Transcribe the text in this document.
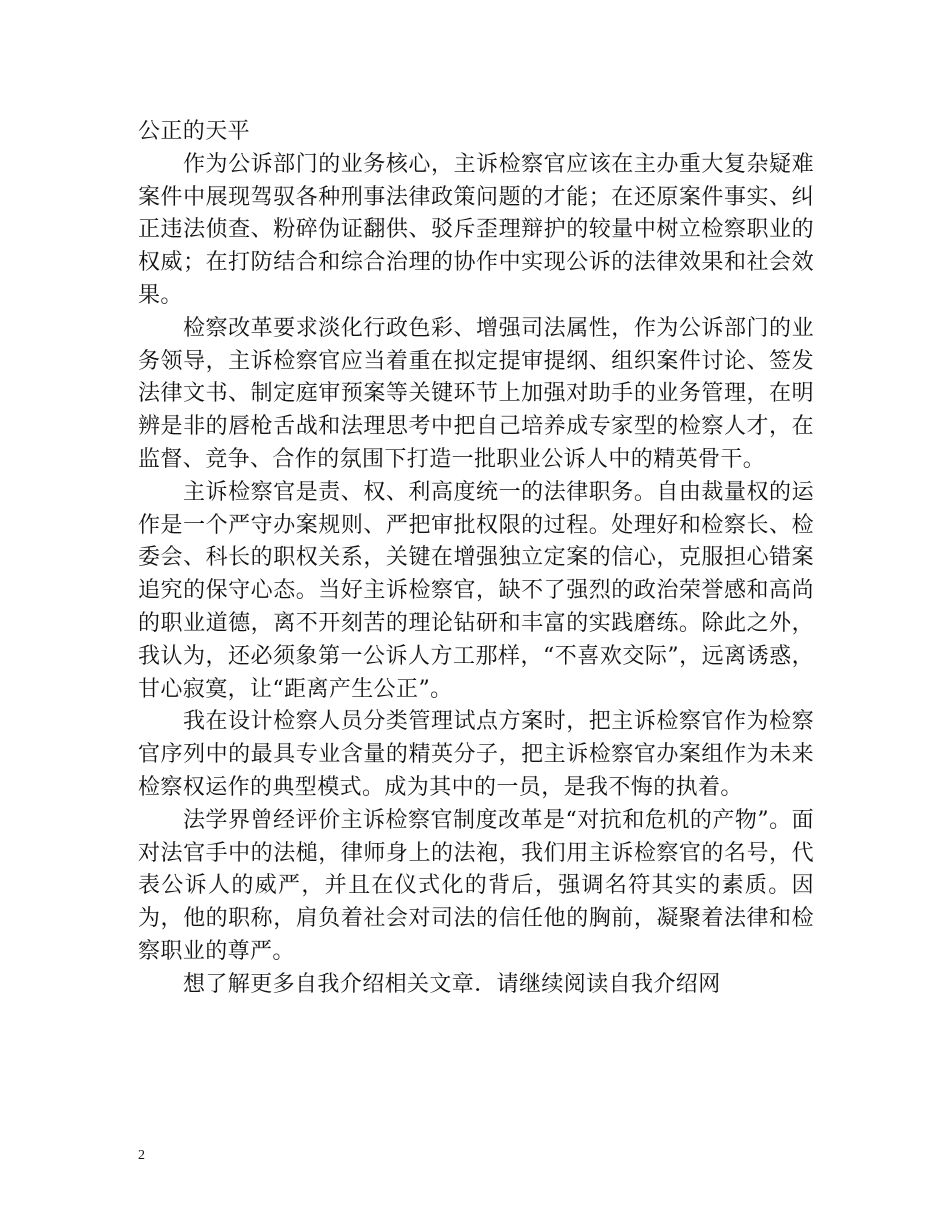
公正的天平

作为公诉部门的业务核心，主诉检察官应该在主办重大复杂疑难案件中展现驾驭各种刑事法律政策问题的才能；在还原案件事实、纠正违法侦查、粉碎伪证翻供、驳斥歪理辩护的较量中树立检察职业的权威；在打防结合和综合治理的协作中实现公诉的法律效果和社会效果。

检察改革要求淡化行政色彩、增强司法属性，作为公诉部门的业务领导，主诉检察官应当着重在拟定提审提纲、组织案件讨论、签发法律文书、制定庭审预案等关键环节上加强对助手的业务管理，在明辨是非的唇枪舌战和法理思考中把自己培养成专家型的检察人才，在监督、竞争、合作的氛围下打造一批职业公诉人中的精英骨干。

主诉检察官是责、权、利高度统一的法律职务。自由裁量权的运作是一个严守办案规则、严把审批权限的过程。处理好和检察长、检委会、科长的职权关系，关键在增强独立定案的信心，克服担心错案追究的保守心态。当好主诉检察官，缺不了强烈的政治荣誉感和高尚的职业道德，离不开刻苦的理论钻研和丰富的实践磨练。除此之外，我认为，还必须象第一公诉人方工那样，“不喜欢交际”，远离诱惑，甘心寂寞，让“距离产生公正”。

我在设计检察人员分类管理试点方案时，把主诉检察官作为检察官序列中的最具专业含量的精英分子，把主诉检察官办案组作为未来检察权运作的典型模式。成为其中的一员，是我不悔的执着。

法学界曾经评价主诉检察官制度改革是“对抗和危机的产物”。面对法官手中的法槌，律师身上的法袍，我们用主诉检察官的名号，代表公诉人的威严，并且在仪式化的背后，强调名符其实的素质。因为，他的职称，肩负着社会对司法的信任他的胸前，凝聚着法律和检察职业的尊严。

想了解更多自我介绍相关文章．请继续阅读自我介绍网

2
